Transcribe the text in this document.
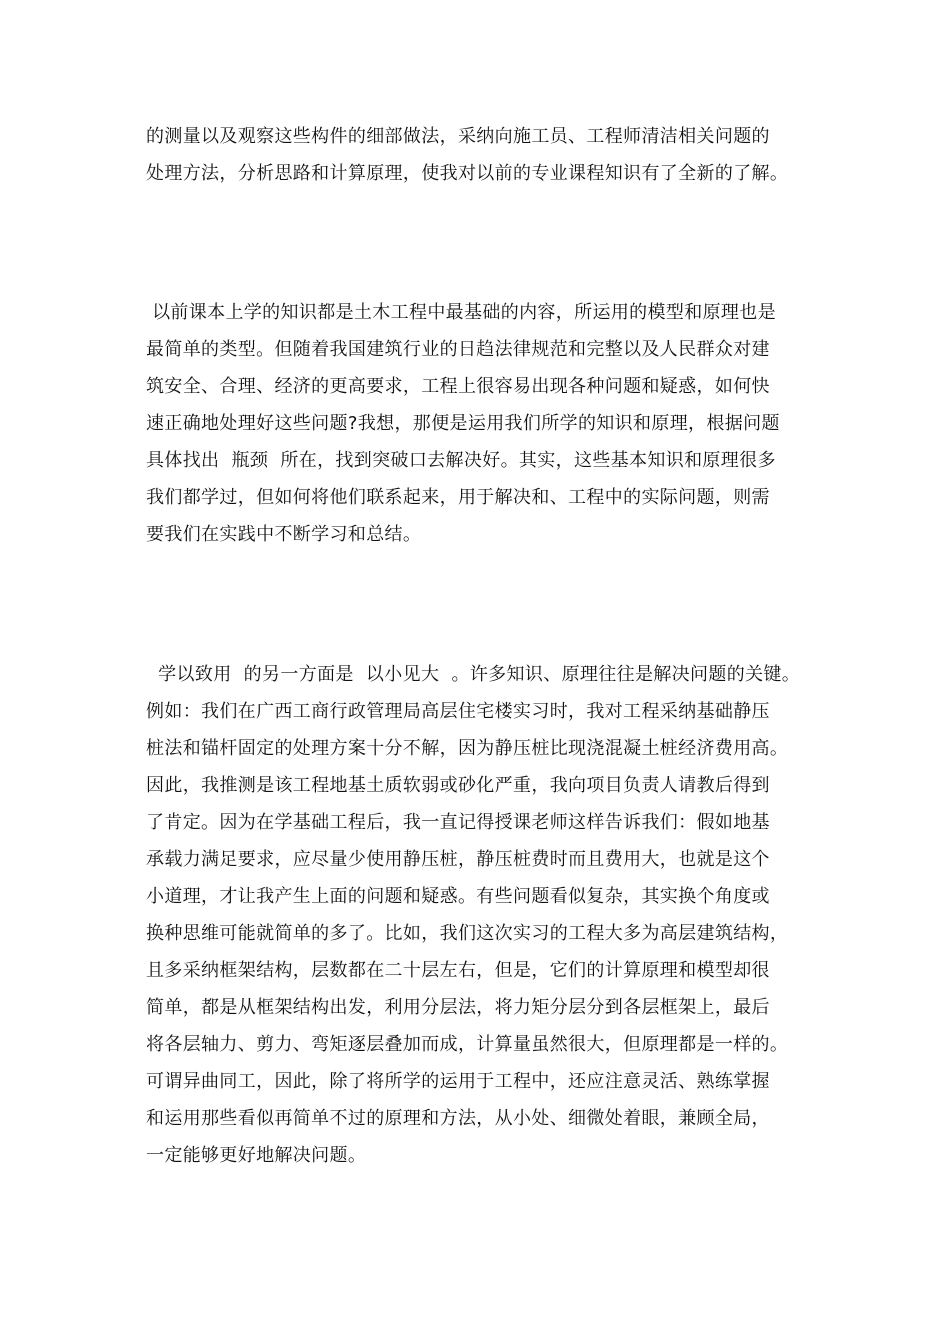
的测量以及观察这些构件的细部做法，采纳向施工员、工程师清洁相关问题的
处理方法，分析思路和计算原理，使我对以前的专业课程知识有了全新的了解。

以前课本上学的知识都是土木工程中最基础的内容，所运用的模型和原理也是
最简单的类型。但随着我国建筑行业的日趋法律规范和完整以及人民群众对建
筑安全、合理、经济的更高要求，工程上很容易出现各种问题和疑惑，如何快
速正确地处理好这些问题?我想，那便是运用我们所学的知识和原理，根据问题
具体找出  瓶颈  所在，找到突破口去解决好。其实，这些基本知识和原理很多
我们都学过，但如何将他们联系起来，用于解决和、工程中的实际问题，则需
要我们在实践中不断学习和总结。

学以致用  的另一方面是  以小见大  。许多知识、原理往往是解决问题的关键。
例如：我们在广西工商行政管理局高层住宅楼实习时，我对工程采纳基础静压
桩法和锚杆固定的处理方案十分不解，因为静压桩比现浇混凝土桩经济费用高。
因此，我推测是该工程地基土质软弱或砂化严重，我向项目负责人请教后得到
了肯定。因为在学基础工程后，我一直记得授课老师这样告诉我们：假如地基
承载力满足要求，应尽量少使用静压桩，静压桩费时而且费用大，也就是这个
小道理，才让我产生上面的问题和疑惑。有些问题看似复杂，其实换个角度或
换种思维可能就简单的多了。比如，我们这次实习的工程大多为高层建筑结构，
且多采纳框架结构，层数都在二十层左右，但是，它们的计算原理和模型却很
简单，都是从框架结构出发，利用分层法，将力矩分层分到各层框架上，最后
将各层轴力、剪力、弯矩逐层叠加而成，计算量虽然很大，但原理都是一样的。
可谓异曲同工，因此，除了将所学的运用于工程中，还应注意灵活、熟练掌握
和运用那些看似再简单不过的原理和方法，从小处、细微处着眼，兼顾全局，
一定能够更好地解决问题。
